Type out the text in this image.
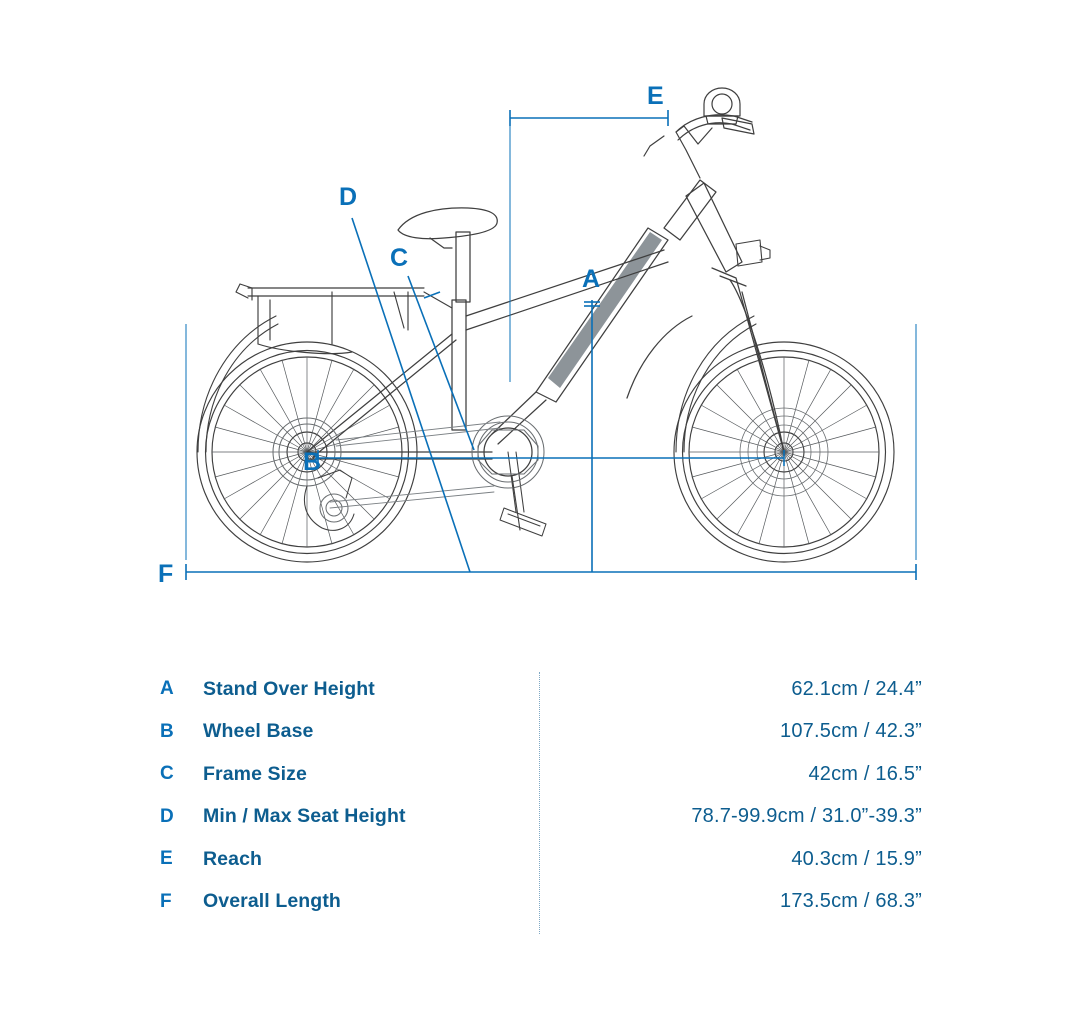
A
B
C
D
E
F
A	Stand Over Height	62.1cm / 24.4”
B	Wheel Base	107.5cm / 42.3”
C	Frame Size	42cm / 16.5”
D	Min / Max Seat Height	78.7-99.9cm / 31.0”-39.3”
E	Reach	40.3cm / 15.9”
F	Overall Length	173.5cm / 68.3”
